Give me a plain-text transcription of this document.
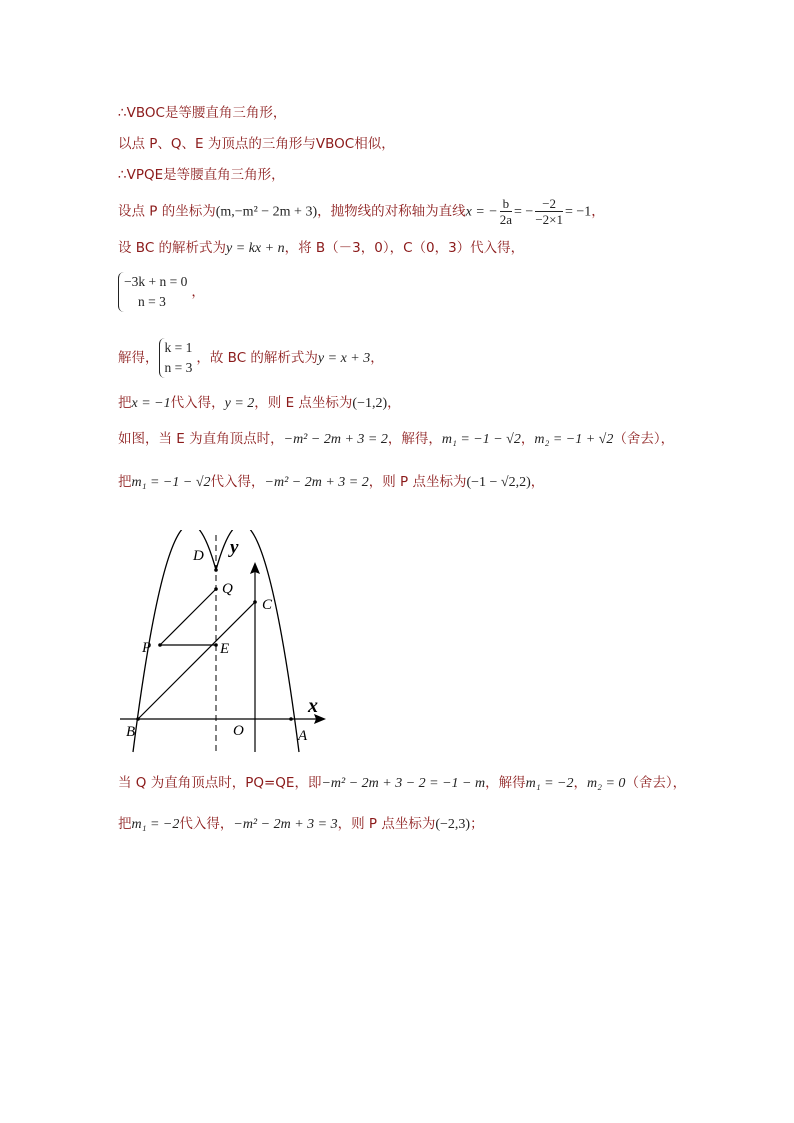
∴VBOC是等腰直角三角形，
以点 P、Q、E 为顶点的三角形与VBOC相似，
∴VPQE是等腰直角三角形，
设点 P 的坐标为(m,−m² − 2m + 3)，抛物线的对称轴为直线x = − $\frac{b}{2a}$ = − $\frac{-2}{-2\times 1} = -1$，
设 BC 的解析式为y = kx + n，将 B（－3，0），C（0，3）代入得，
−3k + n = 0
n = 3
，
解得，
k = 1
n = 3
，故 BC 的解析式为y = x + 3，
把x = −1代入得，y = 2，则 E 点坐标为(−1,2)，
如图，当 E 为直角顶点时，−m² − 2m + 3 = 2，解得，m₁ = −1 − √2，m₂ = −1 + √2（舍去），
把m₁ = −1 − √2代入得，−m² − 2m + 3 = 2，则 P 点坐标为(−1 − √2,2)，
y
x
D
Q
C
P	E
B	O	A
当 Q 为直角顶点时，PQ=QE，即−m² − 2m + 3 − 2 = −1 − m，解得m₁ = −2，m₂ = 0（舍去），
把m₁ = −2代入得，−m² − 2m + 3 = 3，则 P 点坐标为(−2,3)；
